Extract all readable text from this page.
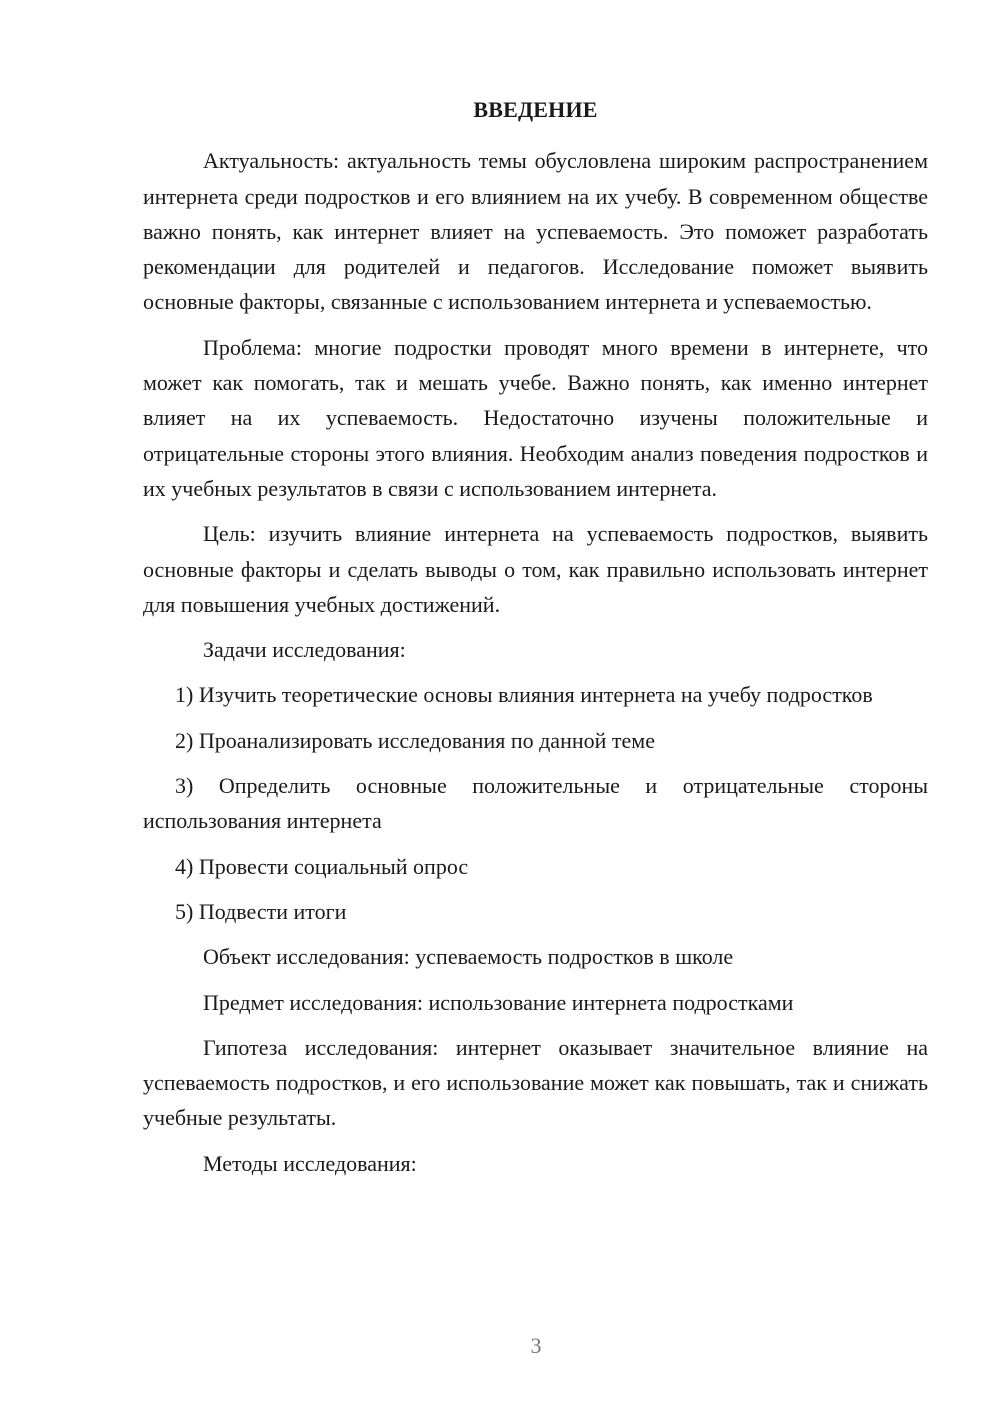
ВВЕДЕНИЕ

Актуальность: актуальность темы обусловлена широким распространением интернета среди подростков и его влиянием на их учебу. В современном обществе важно понять, как интернет влияет на успеваемость. Это поможет разработать рекомендации для родителей и педагогов. Исследование поможет выявить основные факторы, связанные с использованием интернета и успеваемостью.

Проблема: многие подростки проводят много времени в интернете, что может как помогать, так и мешать учебе. Важно понять, как именно интернет влияет на их успеваемость. Недостаточно изучены положительные и отрицательные стороны этого влияния. Необходим анализ поведения подростков и их учебных результатов в связи с использованием интернета.

Цель: изучить влияние интернета на успеваемость подростков, выявить основные факторы и сделать выводы о том, как правильно использовать интернет для повышения учебных достижений.

Задачи исследования:

1) Изучить теоретические основы влияния интернета на учебу подростков

2) Проанализировать исследования по данной теме

3) Определить основные положительные и отрицательные стороны использования интернета

4) Провести социальный опрос

5) Подвести итоги

Объект исследования: успеваемость подростков в школе

Предмет исследования: использование интернета подростками

Гипотеза исследования: интернет оказывает значительное влияние на успеваемость подростков, и его использование может как повышать, так и снижать учебные результаты.

Методы исследования:

3
